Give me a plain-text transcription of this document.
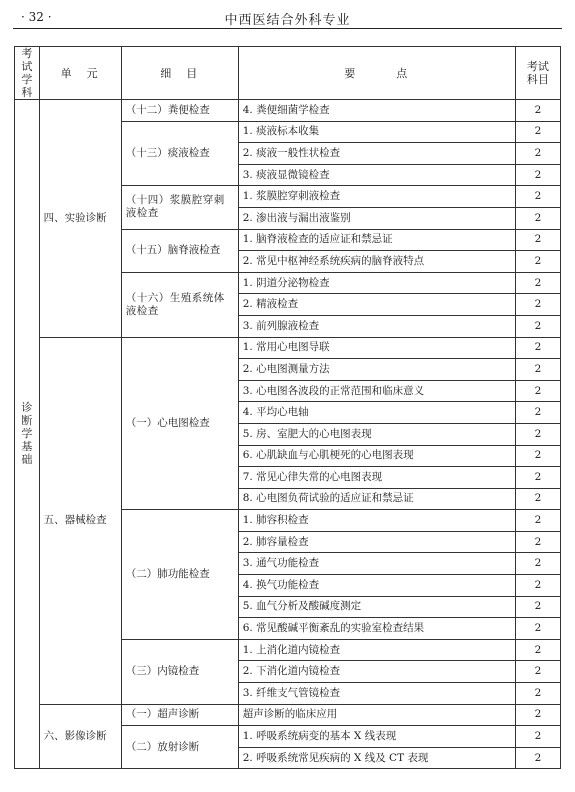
· 32 ·	中西医结合外科专业
考试学科	单　元	细　目	要　　　点	考试科目
诊断学基础	四、实验诊断	（十二）粪便检查	4. 粪便细菌学检查	2
		（十三）痰液检查	1. 痰液标本收集	2
			2. 痰液一般性状检查	2
			3. 痰液显微镜检查	2
		（十四）浆膜腔穿刺液检查	1. 浆膜腔穿刺液检查	2
			2. 渗出液与漏出液鉴别	2
		（十五）脑脊液检查	1. 脑脊液检查的适应证和禁忌证	2
			2. 常见中枢神经系统疾病的脑脊液特点	2
		（十六）生殖系统体液检查	1. 阴道分泌物检查	2
			2. 精液检查	2
			3. 前列腺液检查	2
	五、器械检查	（一）心电图检查	1. 常用心电图导联	2
			2. 心电图测量方法	2
			3. 心电图各波段的正常范围和临床意义	2
			4. 平均心电轴	2
			5. 房、室肥大的心电图表现	2
			6. 心肌缺血与心肌梗死的心电图表现	2
			7. 常见心律失常的心电图表现	2
			8. 心电图负荷试验的适应证和禁忌证	2
		（二）肺功能检查	1. 肺容积检查	2
			2. 肺容量检查	2
			3. 通气功能检查	2
			4. 换气功能检查	2
			5. 血气分析及酸碱度测定	2
			6. 常见酸碱平衡紊乱的实验室检查结果	2
		（三）内镜检查	1. 上消化道内镜检查	2
			2. 下消化道内镜检查	2
			3. 纤维支气管镜检查	2
	六、影像诊断	（一）超声诊断	超声诊断的临床应用	2
		（二）放射诊断	1. 呼吸系统病变的基本 X 线表现	2
			2. 呼吸系统常见疾病的 X 线及 CT 表现	2
